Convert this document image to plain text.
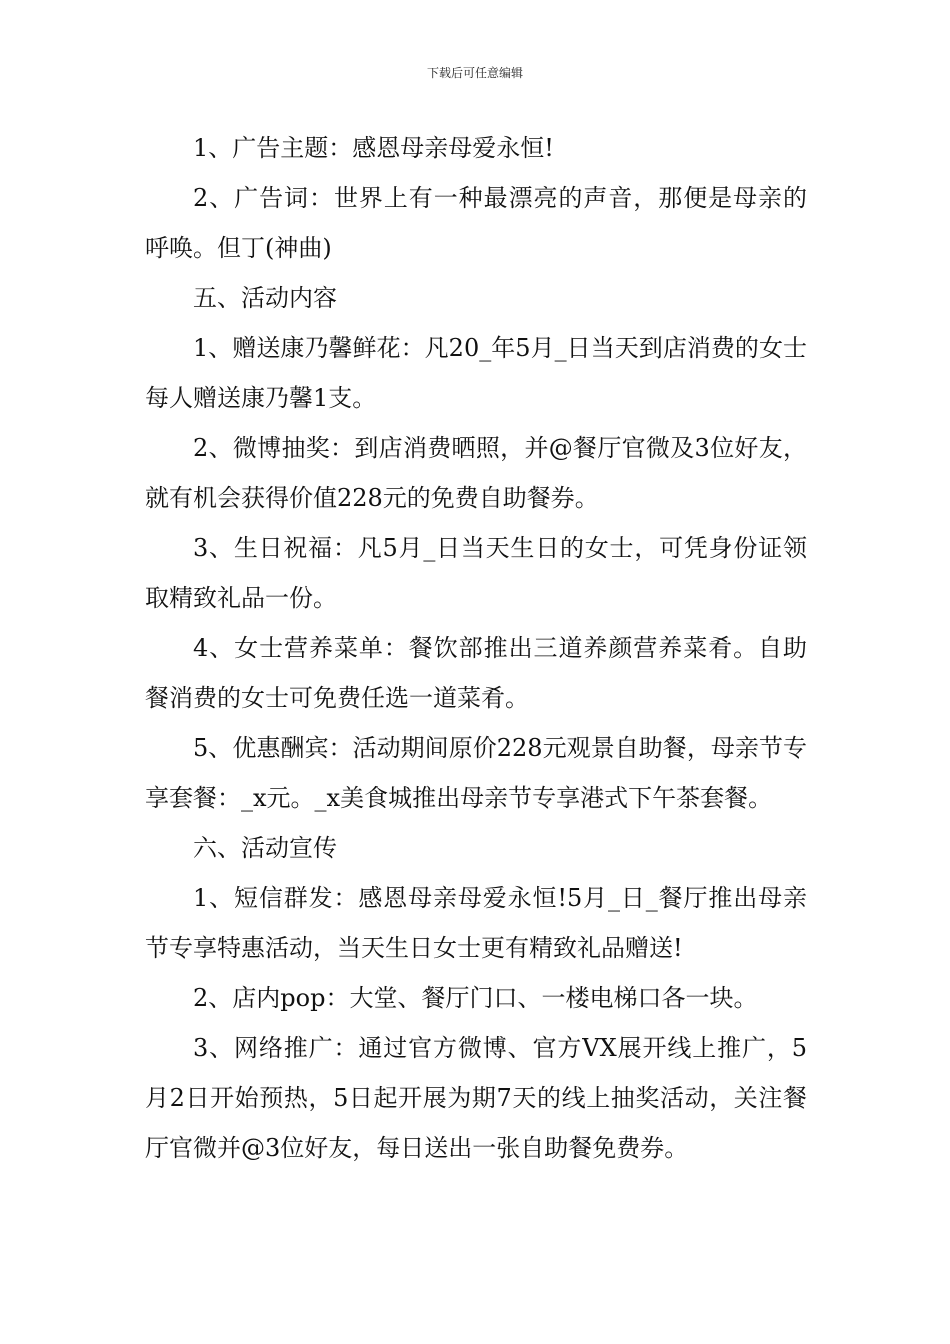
下载后可任意编辑

1、广告主题：感恩母亲母爱永恒!

2、广告词：世界上有一种最漂亮的声音，那便是母亲的呼唤。但丁(神曲)

五、活动内容

1、赠送康乃馨鲜花：凡20_年5月_日当天到店消费的女士每人赠送康乃馨1支。

2、微博抽奖：到店消费晒照，并@餐厅官微及3位好友，就有机会获得价值228元的免费自助餐券。

3、生日祝福：凡5月_日当天生日的女士，可凭身份证领取精致礼品一份。

4、女士营养菜单：餐饮部推出三道养颜营养菜肴。自助餐消费的女士可免费任选一道菜肴。

5、优惠酬宾：活动期间原价228元观景自助餐，母亲节专享套餐：_x元。_x美食城推出母亲节专享港式下午茶套餐。

六、活动宣传

1、短信群发：感恩母亲母爱永恒!5月_日_餐厅推出母亲节专享特惠活动，当天生日女士更有精致礼品赠送!

2、店内pop：大堂、餐厅门口、一楼电梯口各一块。

3、网络推广：通过官方微博、官方VX展开线上推广，5月2日开始预热，5日起开展为期7天的线上抽奖活动，关注餐厅官微并@3位好友，每日送出一张自助餐免费券。
